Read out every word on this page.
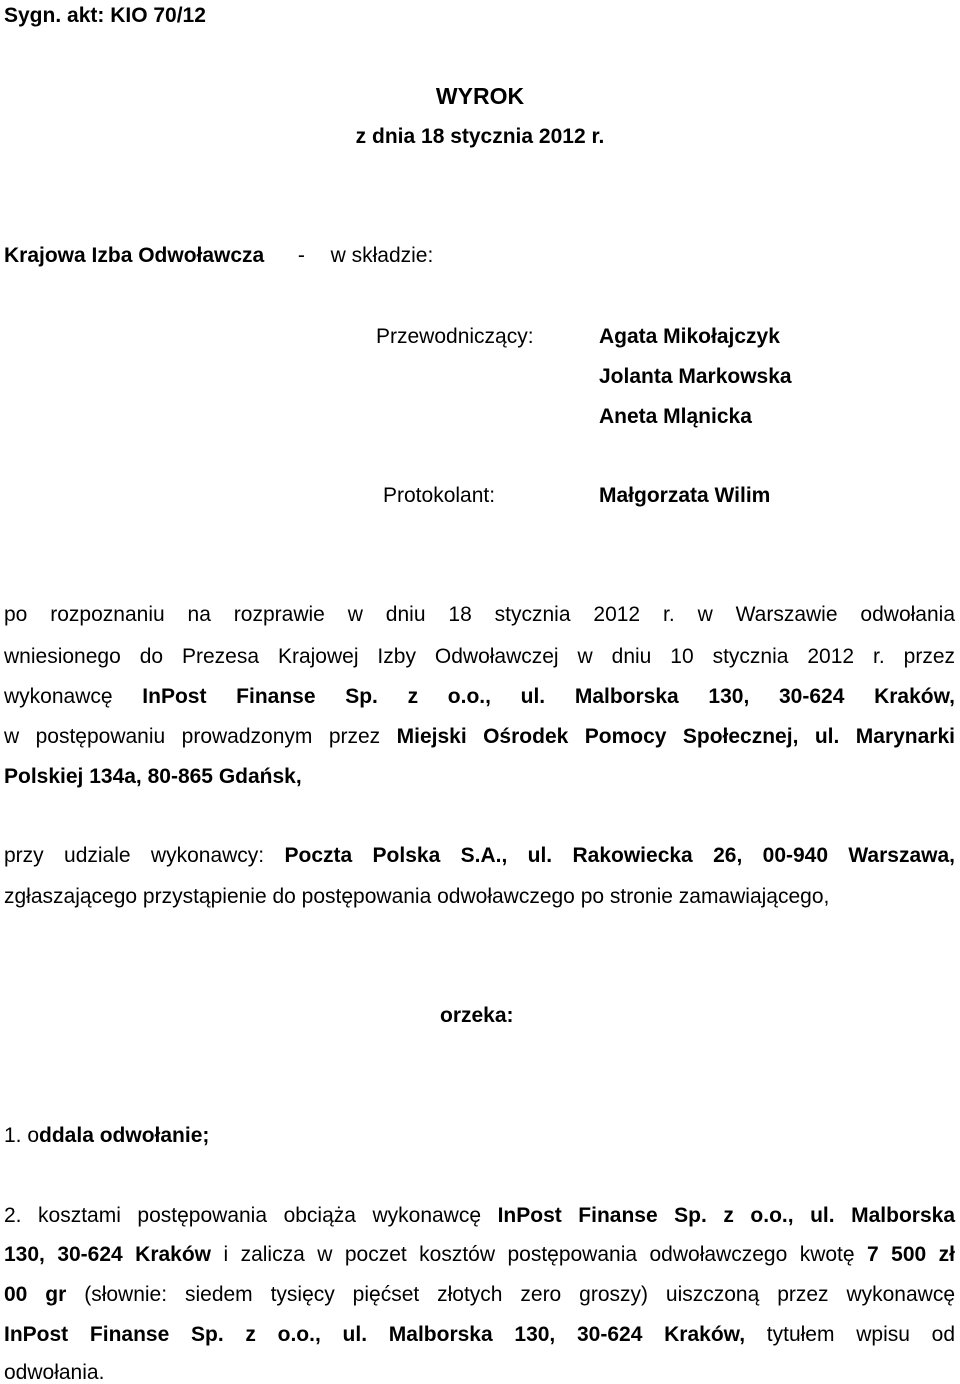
Sygn. akt: KIO 70/12
WYROK
z dnia 18 stycznia 2012 r.
Krajowa Izba Odwoławcza - w składzie:
Przewodniczący:	Agata Mikołajczyk
Jolanta Markowska
Aneta Mląnicka
Protokolant:	Małgorzata Wilim
po rozpoznaniu na rozprawie w dniu 18 stycznia 2012 r. w Warszawie odwołania
wniesionego do Prezesa Krajowej Izby Odwoławczej w dniu 10 stycznia 2012 r. przez
wykonawcę InPost Finanse Sp. z o.o., ul. Malborska 130, 30-624 Kraków,
w postępowaniu prowadzonym przez Miejski Ośrodek Pomocy Społecznej, ul. Marynarki
Polskiej 134a, 80-865 Gdańsk,
przy udziale wykonawcy: Poczta Polska S.A., ul. Rakowiecka 26, 00-940 Warszawa,
zgłaszającego przystąpienie do postępowania odwoławczego po stronie zamawiającego,
orzeka:
1. oddala odwołanie;
2. kosztami postępowania obciąża wykonawcę InPost Finanse Sp. z o.o., ul. Malborska
130, 30-624 Kraków i zalicza w poczet kosztów postępowania odwoławczego kwotę 7 500 zł
00 gr (słownie: siedem tysięcy pięćset złotych zero groszy) uiszczoną przez wykonawcę
InPost Finanse Sp. z o.o., ul. Malborska 130, 30-624 Kraków, tytułem wpisu od
odwołania.
